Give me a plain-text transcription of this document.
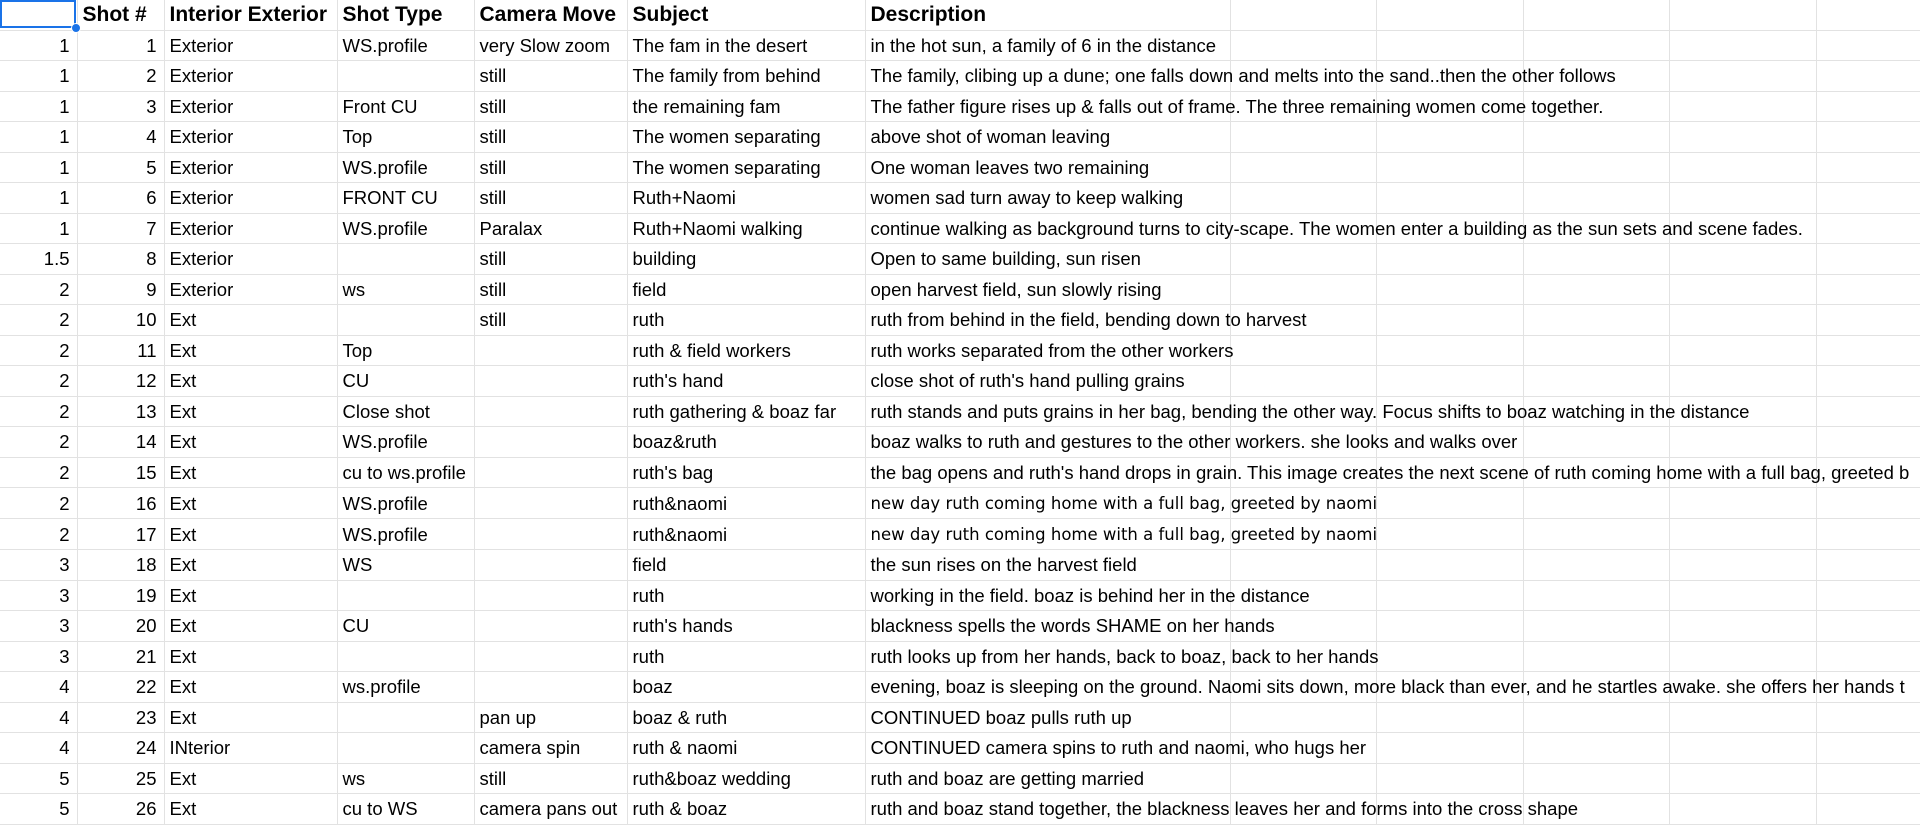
	Shot #	Interior Exterior	Shot Type	Camera Move	Subject	Description					
1	1	Exterior	WS.profile	very Slow zoom	The fam in the desert	in the hot sun, a family of 6 in the distance					
1	2	Exterior		still	The family from behind	The family, clibing up a dune; one falls down and melts into the sand..then the other follows					
1	3	Exterior	Front CU	still	the remaining fam	The father figure rises up & falls out of frame. The three remaining women come together.					
1	4	Exterior	Top	still	The women separating	above shot of woman leaving					
1	5	Exterior	WS.profile	still	The women separating	One woman leaves two remaining					
1	6	Exterior	FRONT CU	still	Ruth+Naomi	women sad turn away to keep walking					
1	7	Exterior	WS.profile	Paralax	Ruth+Naomi walking	continue walking as background turns to city-scape. The women enter a building as the sun sets and scene fades.					
1.5	8	Exterior		still	building	Open to same building, sun risen					
2	9	Exterior	ws	still	field	open harvest field, sun slowly rising					
2	10	Ext		still	ruth	ruth from behind in the field, bending down to harvest					
2	11	Ext	Top		ruth & field workers	ruth works separated from the other workers					
2	12	Ext	CU		ruth's hand	close shot of ruth's hand pulling grains					
2	13	Ext	Close shot		ruth gathering & boaz far	ruth stands and puts grains in her bag, bending the other way. Focus shifts to boaz watching in the distance					
2	14	Ext	WS.profile		boaz&ruth	boaz walks to ruth and gestures to the other workers. she looks and walks over					
2	15	Ext	cu to ws.profile		ruth's bag	the bag opens and ruth's hand drops in grain. This image creates the next scene of ruth coming home with a full bag, greeted b					
2	16	Ext	WS.profile		ruth&naomi	new day ruth coming home with a full bag, greeted by naomi					
2	17	Ext	WS.profile		ruth&naomi	new day ruth coming home with a full bag, greeted by naomi					
3	18	Ext	WS		field	the sun rises on the harvest field					
3	19	Ext			ruth	working in the field. boaz is behind her in the distance					
3	20	Ext	CU		ruth's hands	blackness spells the words SHAME on her hands					
3	21	Ext			ruth	ruth looks up from her hands, back to boaz, back to her hands					
4	22	Ext	ws.profile		boaz	evening, boaz is sleeping on the ground. Naomi sits down, more black than ever, and he startles awake. she offers her hands t					
4	23	Ext		pan up	boaz & ruth	CONTINUED boaz pulls ruth up					
4	24	INterior		camera spin	ruth & naomi	CONTINUED camera spins to ruth and naomi, who hugs her					
5	25	Ext	ws	still	ruth&boaz wedding	ruth and boaz are getting married					
5	26	Ext	cu to WS	camera pans out	ruth & boaz	ruth and boaz stand together, the blackness leaves her and forms into the cross shape					
